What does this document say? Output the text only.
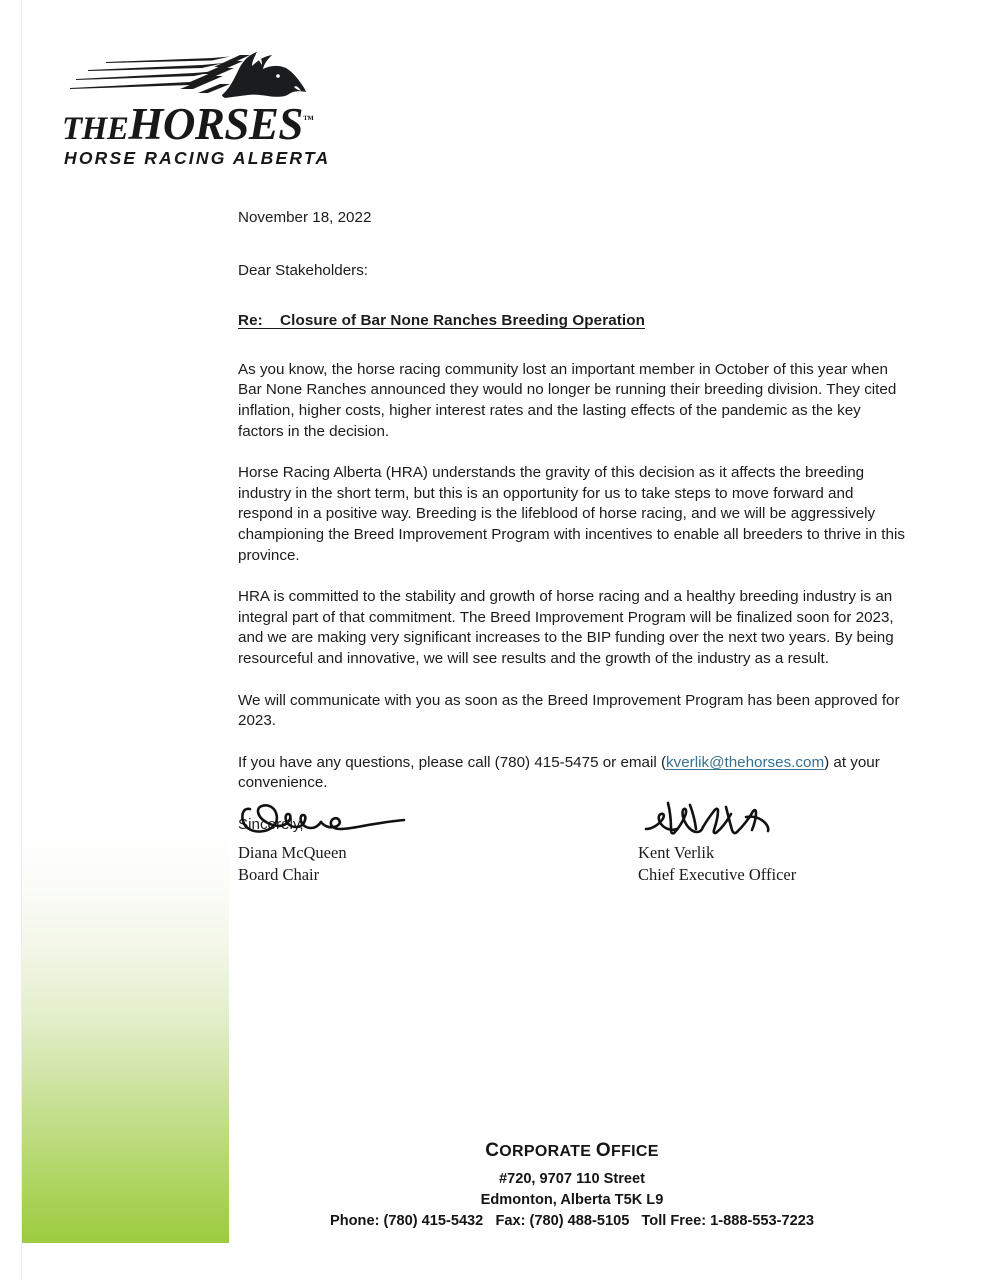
THEHORSES™
HORSE RACING ALBERTA

November 18, 2022

Dear Stakeholders:

Re:    Closure of Bar None Ranches Breeding Operation

As you know, the horse racing community lost an important member in October of this year when Bar None Ranches announced they would no longer be running their breeding division. They cited inflation, higher costs, higher interest rates and the lasting effects of the pandemic as the key factors in the decision.

Horse Racing Alberta (HRA) understands the gravity of this decision as it affects the breeding industry in the short term, but this is an opportunity for us to take steps to move forward and respond in a positive way. Breeding is the lifeblood of horse racing, and we will be aggressively championing the Breed Improvement Program with incentives to enable all breeders to thrive in this province.

HRA is committed to the stability and growth of horse racing and a healthy breeding industry is an integral part of that commitment. The Breed Improvement Program will be finalized soon for 2023, and we are making very significant increases to the BIP funding over the next two years. By being resourceful and innovative, we will see results and the growth of the industry as a result.

We will communicate with you as soon as the Breed Improvement Program has been approved for 2023.

If you have any questions, please call (780) 415-5475 or email (kverlik@thehorses.com) at your convenience.

Sincerely,

Diana McQueen
Board Chair
Kent Verlik
Chief Executive Officer
CORPORATE OFFICE
#720, 9707 110 Street
Edmonton, Alberta T5K L9
Phone: (780) 415-5432   Fax: (780) 488-5105   Toll Free: 1-888-553-7223
